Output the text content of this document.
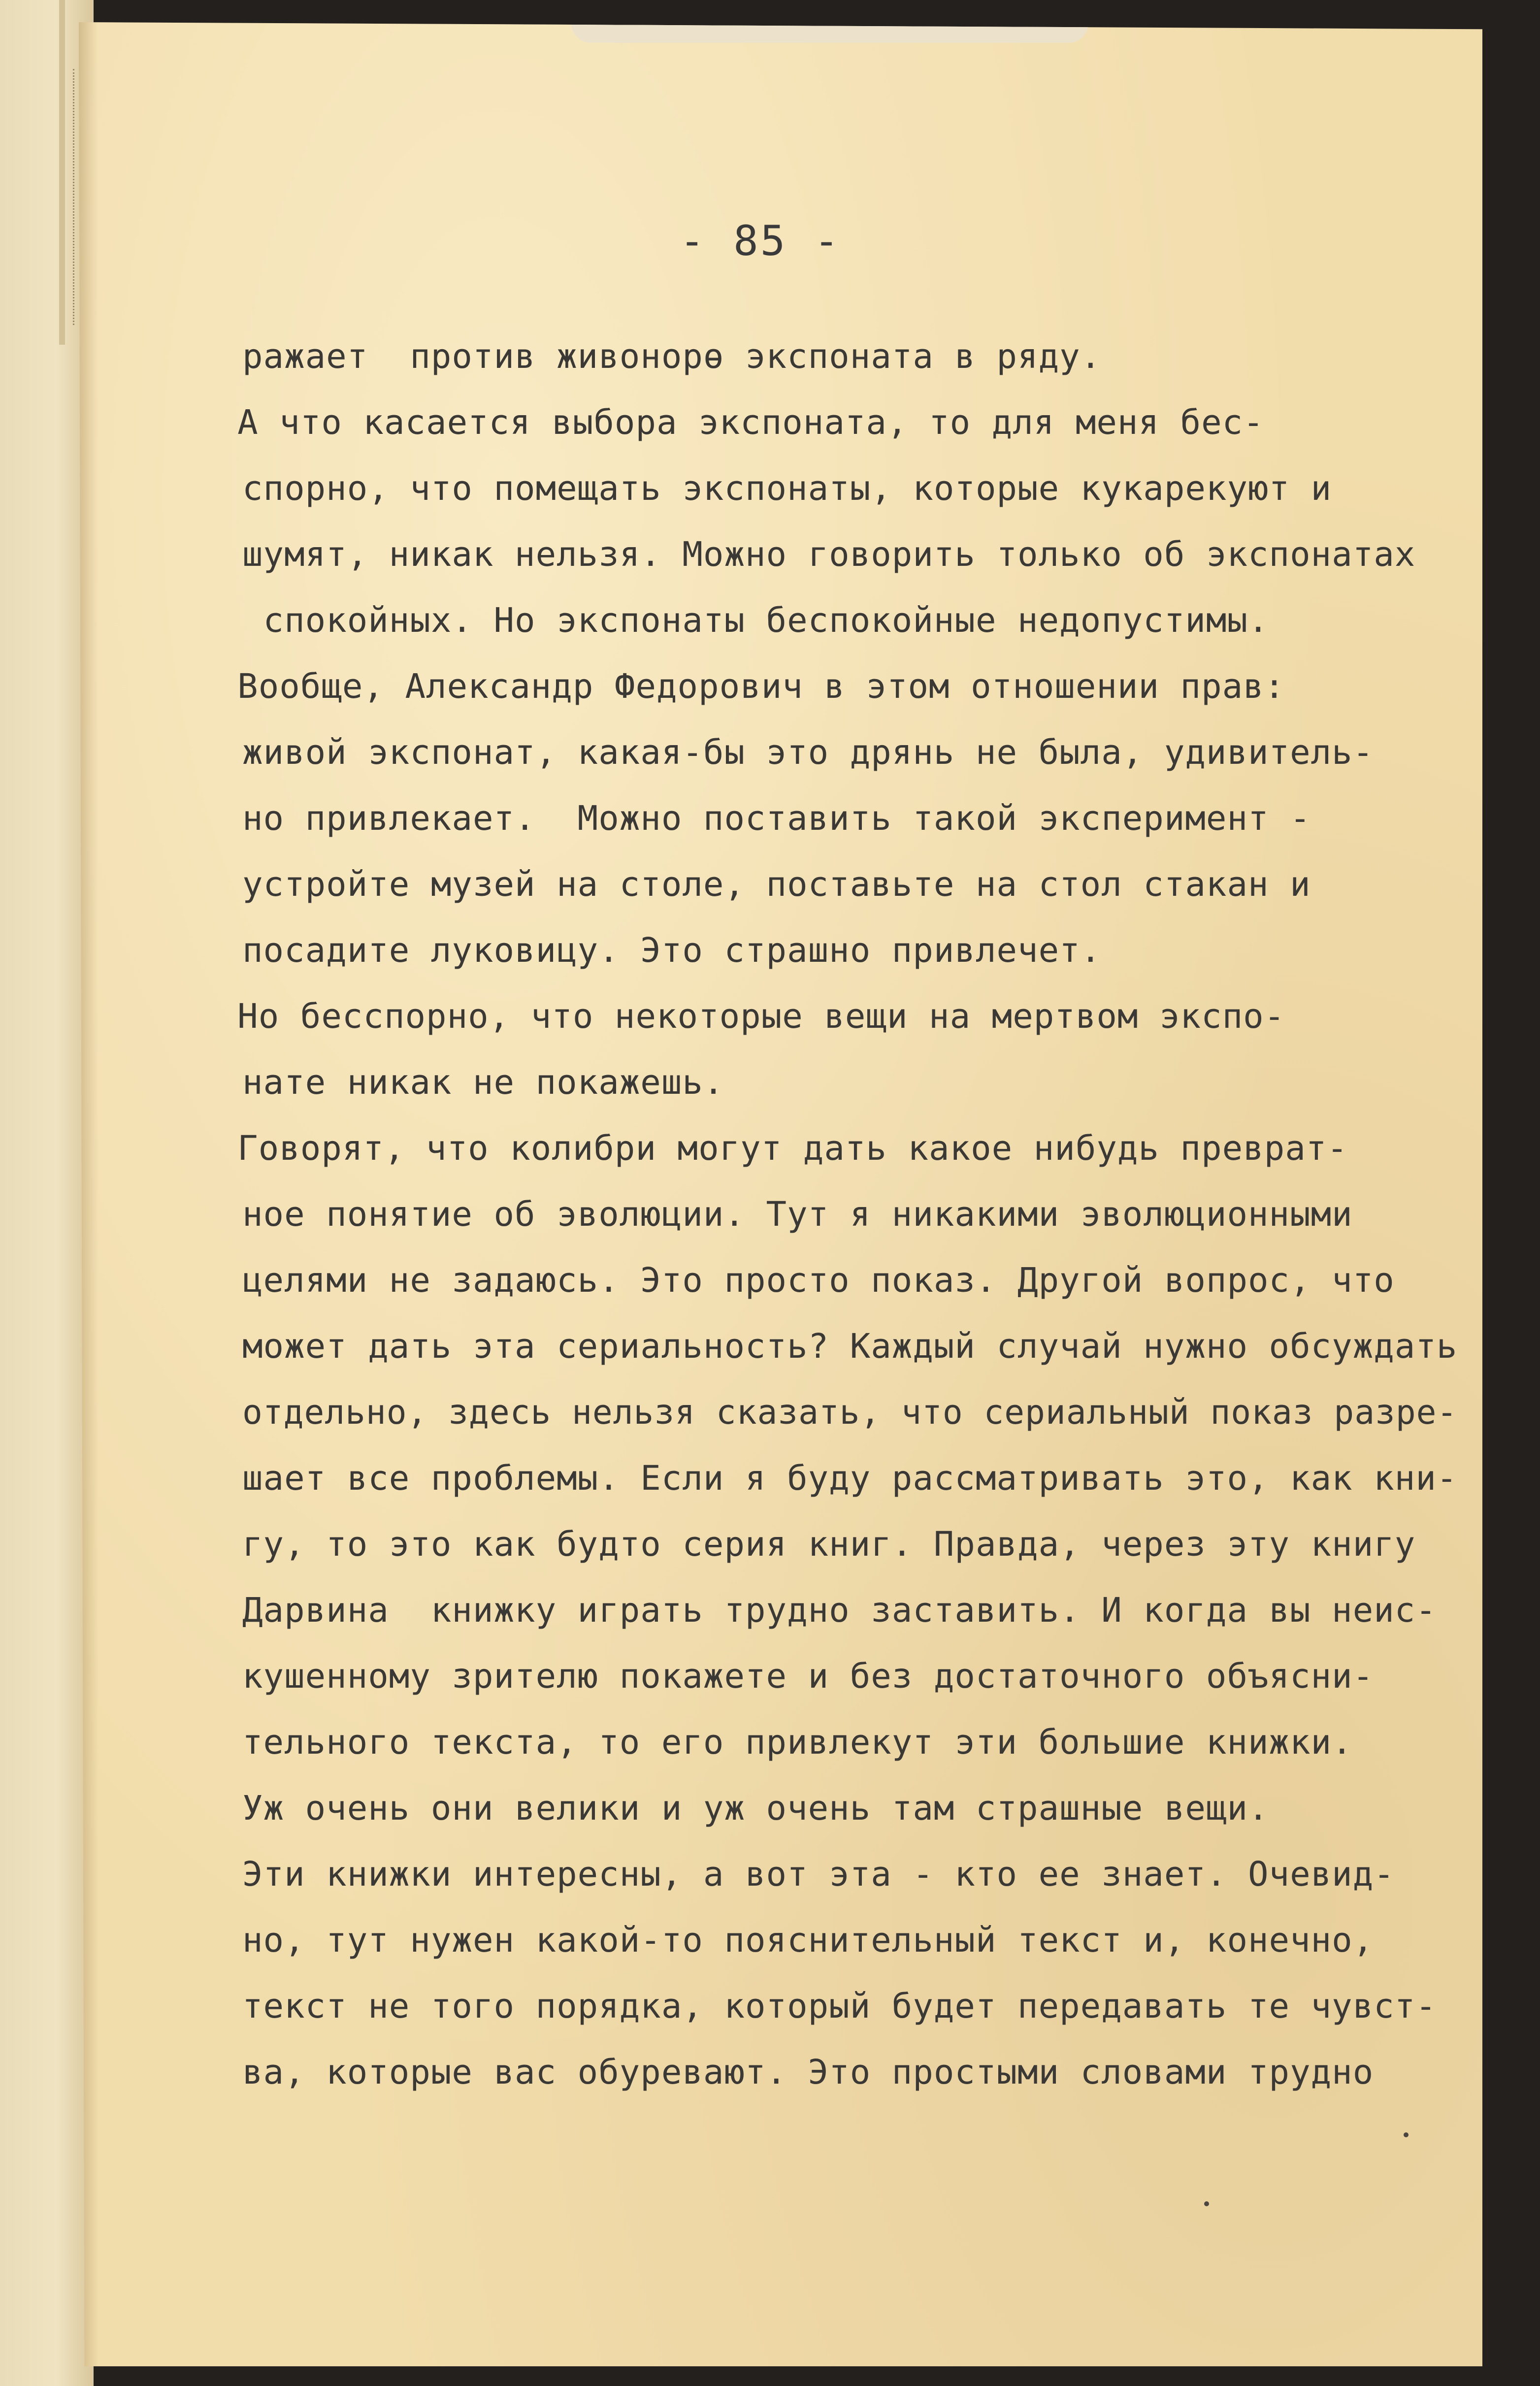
- 85 -
ражает  против живонорө экспоната в ряду.
А что касается выбора экспоната, то для меня бес-
спорно, что помещать экспонаты, которые кукарекуют и
шумят, никак нельзя. Можно говорить только об экспонатах
спокойных. Но экспонаты беспокойные недопустимы.
Вообще, Александр Федорович в этом отношении прав:
живой экспонат, какая-бы это дрянь не была, удивитель-
но привлекает.  Можно поставить такой эксперимент -
устройте музей на столе, поставьте на стол стакан и
посадите луковицу. Это страшно привлечет.
Но бесспорно, что некоторые вещи на мертвом экспо-
нате никак не покажешь.
Говорят, что колибри могут дать какое нибудь преврат-
ное понятие об эволюции. Тут я никакими эволюционными
целями не задаюсь. Это просто показ. Другой вопрос, что
может дать эта сериальность? Каждый случай нужно обсуждать
отдельно, здесь нельзя сказать, что сериальный показ разре-
шает все проблемы. Если я буду рассматривать это, как кни-
гу, то это как будто серия книг. Правда, через эту книгу
Дарвина  книжку играть трудно заставить. И когда вы неис-
кушенному зрителю покажете и без достаточного объясни-
тельного текста, то его привлекут эти большие книжки.
Уж очень они велики и уж очень там страшные вещи.
Эти книжки интересны, а вот эта - кто ее знает. Очевид-
но, тут нужен какой-то пояснительный текст и, конечно,
текст не того порядка, который будет передавать те чувст-
ва, которые вас обуревают. Это простыми словами трудно
